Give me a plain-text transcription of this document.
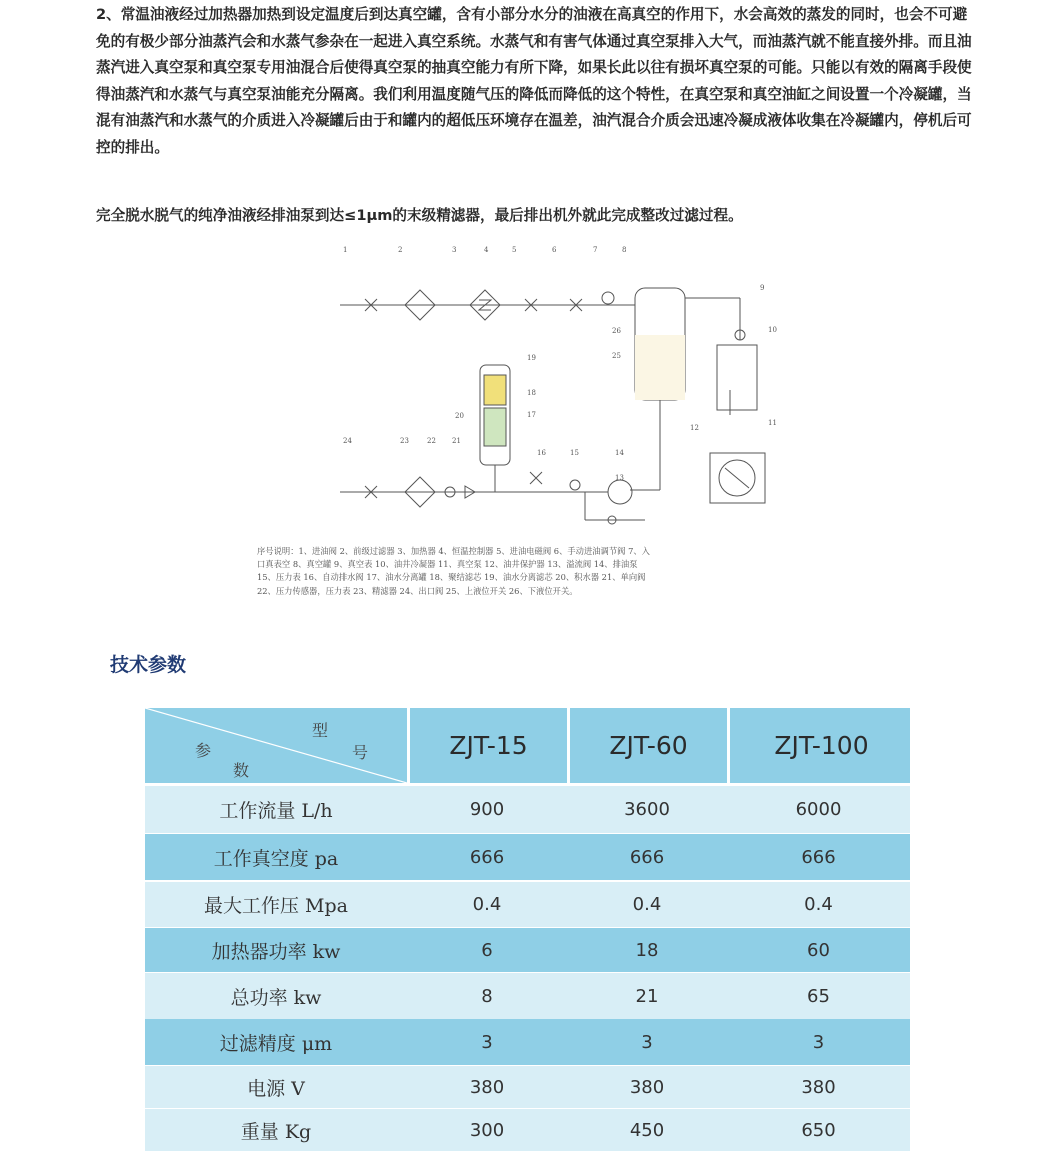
2、常温油液经过加热器加热到设定温度后到达真空罐，含有小部分水分的油液在高真空的作用下，水会高效的蒸发的同时，也会不可避免的有极少部分油蒸汽会和水蒸气参杂在一起进入真空系统。水蒸气和有害气体通过真空泵排入大气，而油蒸汽就不能直接外排。而且油蒸汽进入真空泵和真空泵专用油混合后使得真空泵的抽真空能力有所下降，如果长此以往有损坏真空泵的可能。只能以有效的隔离手段使得油蒸汽和水蒸气与真空泵油能充分隔离。我们利用温度随气压的降低而降低的这个特性，在真空泵和真空油缸之间设置一个冷凝罐，当混有油蒸汽和水蒸气的介质进入冷凝罐后由于和罐内的超低压环境存在温差，油汽混合介质会迅速冷凝成液体收集在冷凝罐内，停机后可控的排出。

完全脱水脱气的纯净油液经排油泵到达≤1μm的末级精滤器，最后排出机外就此完成整改过滤过程。

1	2	3	4	5	6	7	8
9
10
26
25
19
18
17
20
24	23	22 21
16	15	14
13
12
11

序号说明：1、进油阀 2、前级过滤器 3、加热器 4、恒温控制器 5、进油电磁阀 6、手动进油调节阀 7、入口真表空 8、真空罐 9、真空表 10、油井冷凝器 11、真空泵 12、油井保护器 13、溢流阀 14、排油泵 15、压力表 16、自动排水阀 17、油水分离罐 18、聚结滤芯 19、油水分离滤芯 20、积水器 21、单向阀 22、压力传感器，压力表 23、精滤器 24、出口阀 25、上液位开关 26、下液位开关。

技术参数
型
号
参
数
ZJT-15	ZJT-60	ZJT-100
工作流量 L/h	900	3600	6000
工作真空度 pa	666	666	666
最大工作压 Mpa	0.4	0.4	0.4
加热器功率 kw	6	18	60
总功率 kw	8	21	65
过滤精度 μm	3	3	3
电源 V	380	380	380
重量 Kg	300	450	650
